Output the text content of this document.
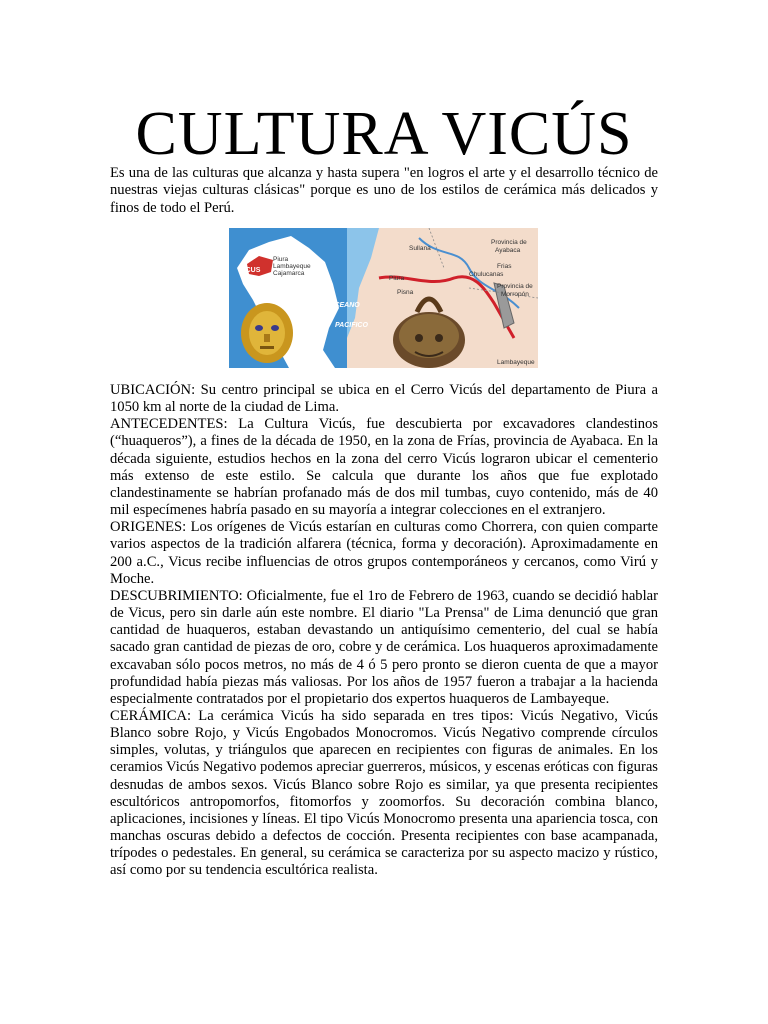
CULTURA VICÚS

Es una de las culturas que alcanza y hasta supera "en logros el arte y el desarrollo técnico de nuestras viejas culturas clásicas" porque es uno de los estilos de cerámica más delicados y finos de todo el Perú.

VICUS
Piura
Lambayeque
Cajamarca
OCEANO
PACIFICO
Sullana
Provincia de
Ayabaca
Frias
Piura
Chulucanas
Pisna
Provincia de
Morropón
Lambayeque

UBICACIÓN: Su centro principal se ubica en el Cerro Vicús del departamento de Piura a 1050 km al norte de la ciudad de Lima.

ANTECEDENTES: La Cultura Vicús, fue descubierta por excavadores clandestinos (“huaqueros”), a fines de la década de 1950, en la zona de Frías, provincia de Ayabaca. En la década siguiente, estudios hechos en la zona del cerro Vicús lograron ubicar el cementerio más extenso de este estilo. Se calcula que durante los años que fue explotado clandestinamente se habrían profanado más de dos mil tumbas, cuyo contenido, más de 40 mil especímenes habría pasado en su mayoría a integrar colecciones en el extranjero.

ORIGENES: Los orígenes de Vicús estarían en culturas como Chorrera, con quien comparte varios aspectos de la tradición alfarera (técnica, forma y decoración). Aproximadamente en 200 a.C., Vicus recibe influencias de otros grupos contemporáneos y cercanos, como Virú y Moche.

DESCUBRIMIENTO: Oficialmente, fue el 1ro de Febrero de 1963, cuando se decidió hablar de Vicus, pero sin darle aún este nombre. El diario "La Prensa" de Lima denunció que gran cantidad de huaqueros, estaban devastando un antiquísimo cementerio, del cual se había sacado gran cantidad de piezas de oro, cobre y de cerámica. Los huaqueros aproximadamente excavaban sólo pocos metros, no más de 4 ó 5 pero pronto se dieron cuenta de que a mayor profundidad había piezas más valiosas. Por los años de 1957 fueron a trabajar a la hacienda especialmente contratados por el propietario dos expertos huaqueros de Lambayeque.

CERÁMICA: La cerámica Vicús ha sido separada en tres tipos: Vicús Negativo, Vicús Blanco sobre Rojo, y Vicús Engobados Monocromos. Vicús Negativo comprende círculos simples, volutas, y triángulos que aparecen en recipientes con figuras de animales. En los ceramios Vicús Negativo podemos apreciar guerreros, músicos, y escenas eróticas con figuras desnudas de ambos sexos. Vicús Blanco sobre Rojo es similar, ya que presenta recipientes escultóricos antropomorfos, fitomorfos y zoomorfos. Su decoración combina blanco, aplicaciones, incisiones y líneas. El tipo Vicús Monocromo presenta una apariencia tosca, con manchas oscuras debido a defectos de cocción. Presenta recipientes con base acampanada, trípodes o pedestales. En general, su cerámica se caracteriza por su aspecto macizo y rústico, así como por su tendencia escultórica realista.
